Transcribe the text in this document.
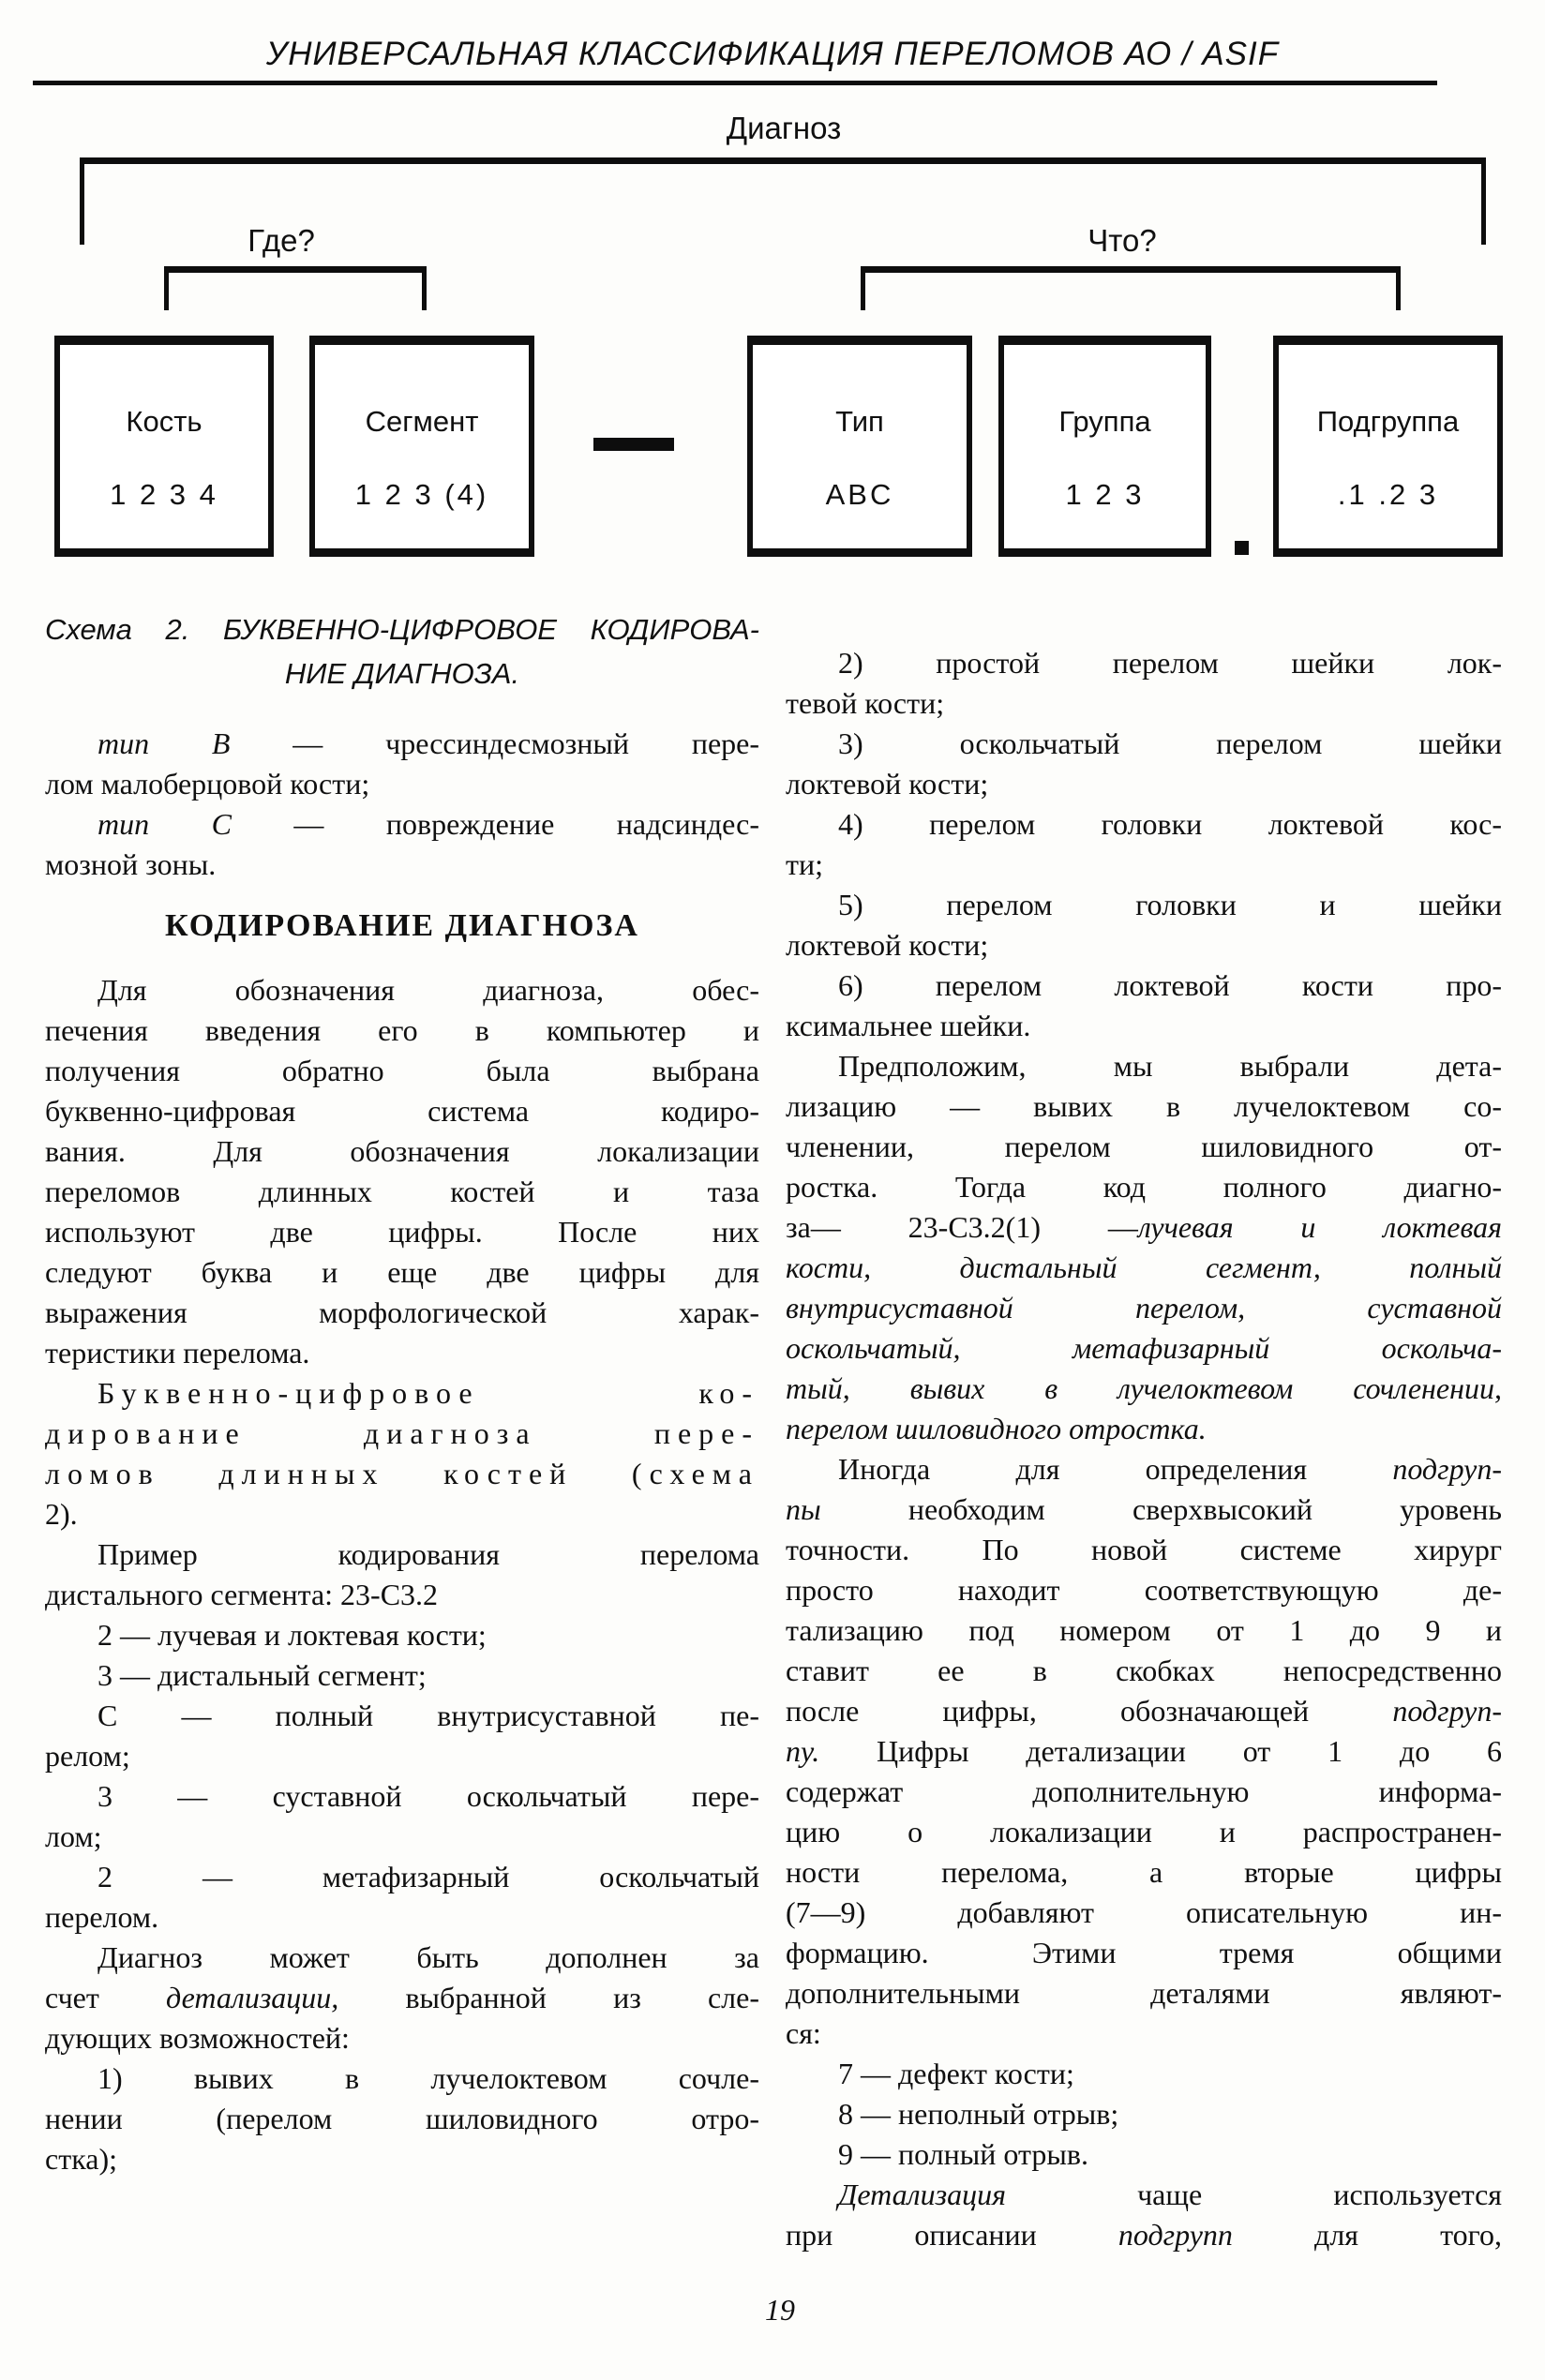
УНИВЕРСАЛЬНАЯ КЛАССИФИКАЦИЯ ПЕРЕЛОМОВ АО / ASIF
Диагноз
Где?	Что?
Кость
1 2 3 4
Сегмент
1 2 3 (4)
Тип
ABC
Группа
1 2 3
Подгруппа
.1 .2 3
Схема 2. БУКВЕННО-ЦИФРОВОЕ КОДИРОВА-
НИЕ ДИАГНОЗА.
тип В — чрессиндесмозный пере-
лом малоберцовой кости;
тип С — повреждение надсиндес-
мозной зоны.
КОДИРОВАНИЕ ДИАГНОЗА
Для обозначения диагноза, обес-
печения введения его в компьютер и
получения обратно была выбрана
буквенно-цифровая система кодиро-
вания. Для обозначения локализации
переломов длинных костей и таза
используют две цифры. После них
следуют буква и еще две цифры для
выражения морфологической харак-
теристики перелома.
Буквенно-цифровое ко-
дирование диагноза пере-
ломов длинных костей (схема
2).
Пример кодирования перелома
дистального сегмента: 23-C3.2
2 — лучевая и локтевая кости;
3 — дистальный сегмент;
С — полный внутрисуставной пе-
релом;
3 — суставной оскольчатый пере-
лом;
2 — метафизарный оскольчатый
перелом.
Диагноз может быть дополнен за
счет детализации, выбранной из сле-
дующих возможностей:
1) вывих в лучелоктевом сочле-
нении (перелом шиловидного отро-
стка);
2) простой перелом шейки лок-
тевой кости;
3) оскольчатый перелом шейки
локтевой кости;
4) перелом головки локтевой кос-
ти;
5) перелом головки и шейки
локтевой кости;
6) перелом локтевой кости про-
ксимальнее шейки.
Предположим, мы выбрали дета-
лизацию — вывих в лучелоктевом со-
членении, перелом шиловидного от-
ростка. Тогда код полного диагно-
за— 23-C3.2(1) —лучевая и локтевая
кости, дистальный сегмент, полный
внутрисуставной перелом, суставной
оскольчатый, метафизарный оскольча-
тый, вывих в лучелоктевом сочленении,
перелом шиловидного отростка.
Иногда для определения подгруп-
пы необходим сверхвысокий уровень
точности. По новой системе хирург
просто находит соответствующую де-
тализацию под номером от 1 до 9 и
ставит ее в скобках непосредственно
после цифры, обозначающей подгруп-
пу. Цифры детализации от 1 до 6
содержат дополнительную информа-
цию о локализации и распространен-
ности перелома, а вторые цифры
(7—9) добавляют описательную ин-
формацию. Этими тремя общими
дополнительными деталями являют-
ся:
7 — дефект кости;
8 — неполный отрыв;
9 — полный отрыв.
Детализация чаще используется
при описании подгрупп для того,
19
